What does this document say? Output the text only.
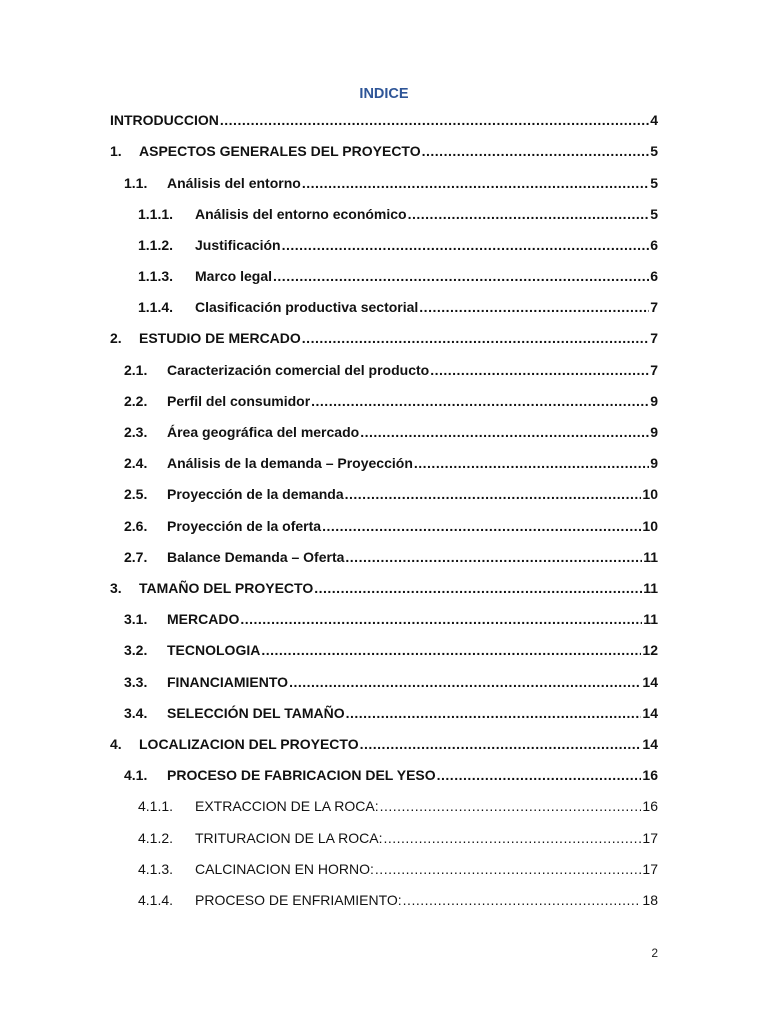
INDICE
INTRODUCCION .....	4
1. ASPECTOS GENERALES DEL PROYECTO .....	5
1.1. Análisis del entorno .....	5
1.1.1. Análisis del entorno económico .....	5
1.1.2. Justificación .....	6
1.1.3. Marco legal .....	6
1.1.4. Clasificación productiva sectorial .....	7
2. ESTUDIO DE MERCADO .....	7
2.1. Caracterización comercial del producto .....	7
2.2. Perfil del consumidor .....	9
2.3. Área geográfica del mercado .....	9
2.4. Análisis de la demanda – Proyección .....	9
2.5. Proyección de la demanda .....	10
2.6. Proyección de la oferta .....	10
2.7. Balance Demanda – Oferta .....	11
3. TAMAÑO DEL PROYECTO .....	11
3.1. MERCADO .....	11
3.2. TECNOLOGIA .....	12
3.3. FINANCIAMIENTO .....	14
3.4. SELECCIÓN DEL TAMAÑO .....	14
4. LOCALIZACION DEL PROYECTO .....	14
4.1. PROCESO DE FABRICACION DEL YESO .....	16
4.1.1. EXTRACCION DE LA ROCA: .....	16
4.1.2. TRITURACION DE LA ROCA: .....	17
4.1.3. CALCINACION EN HORNO: .....	17
4.1.4. PROCESO DE ENFRIAMIENTO: .....	18
2
